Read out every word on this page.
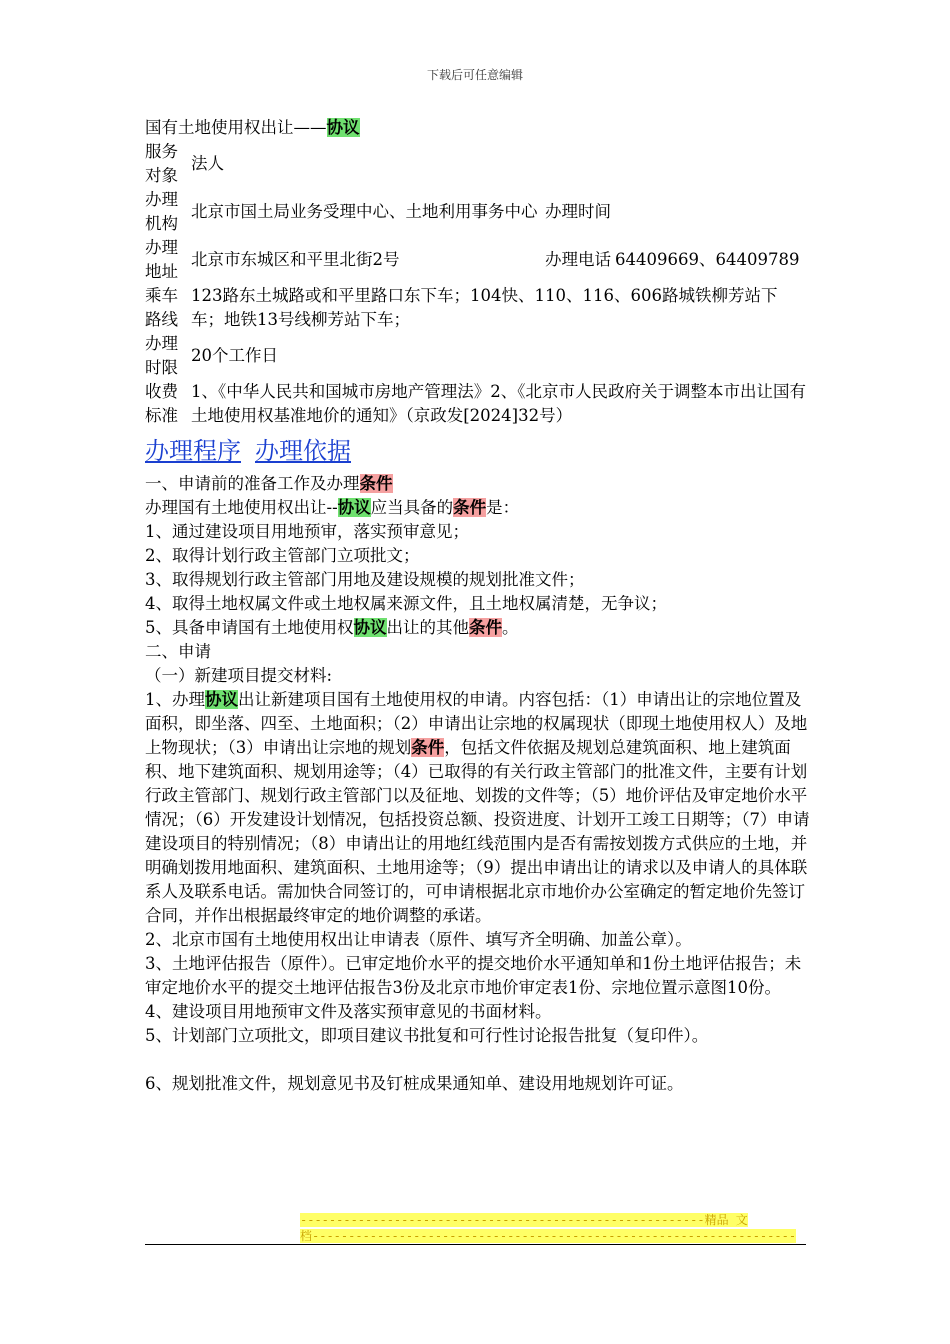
下载后可任意编辑

国有土地使用权出让——协议

服务对象		法人		
办理机构		北京市国土局业务受理中心、土地利用事务中心	办理时间	
办理地址		北京市东城区和平里北街2号	办理电话	64409669、64409789
乘车路线		123路东土城路或和平里路口东下车；104快、110、116、606路城铁柳芳站下车；地铁13号线柳芳站下车；		
办理时限		20个工作日		
收费标准		1、《中华人民共和国城市房地产管理法》2、《北京市人民政府关于调整本市出让国有土地使用权基准地价的通知》（京政发[2024]32号）		
办理程序 办理依据

一、申请前的准备工作及办理条件

办理国有土地使用权出让--协议应当具备的条件是：

1、通过建设项目用地预审，落实预审意见；

2、取得计划行政主管部门立项批文；

3、取得规划行政主管部门用地及建设规模的规划批准文件；

4、取得土地权属文件或土地权属来源文件，且土地权属清楚，无争议；

5、具备申请国有土地使用权协议出让的其他条件。

二、申请

（一）新建项目提交材料:

1、办理协议出让新建项目国有土地使用权的申请。内容包括：（1）申请出让的宗地位置及面积，即坐落、四至、土地面积；（2）申请出让宗地的权属现状（即现土地使用权人）及地上物现状；（3）申请出让宗地的规划条件，包括文件依据及规划总建筑面积、地上建筑面积、地下建筑面积、规划用途等；（4）已取得的有关行政主管部门的批准文件，主要有计划行政主管部门、规划行政主管部门以及征地、划拨的文件等；（5）地价评估及审定地价水平情况；（6）开发建设计划情况，包括投资总额、投资进度、计划开工竣工日期等；（7）申请建设项目的特别情况；（8）申请出让的用地红线范围内是否有需按划拨方式供应的土地，并明确划拨用地面积、建筑面积、土地用途等；（9）提出申请出让的请求以及申请人的具体联系人及联系电话。需加快合同签订的，可申请根据北京市地价办公室确定的暂定地价先签订合同，并作出根据最终审定的地价调整的承诺。

2、北京市国有土地使用权出让申请表（原件、填写齐全明确、加盖公章）。

3、土地评估报告（原件）。已审定地价水平的提交地价水平通知单和1份土地评估报告；未审定地价水平的提交土地评估报告3份及北京市地价审定表1份、宗地位置示意图10份。

4、建设项目用地预审文件及落实预审意见的书面材料。

5、计划部门立项批文，即项目建议书批复和可行性讨论报告批复（复印件）。

6、规划批准文件，规划意见书及钉桩成果通知单、建设用地规划许可证。

--------------------------------------------------------精品 文
档-------------------------------------------------------------------
